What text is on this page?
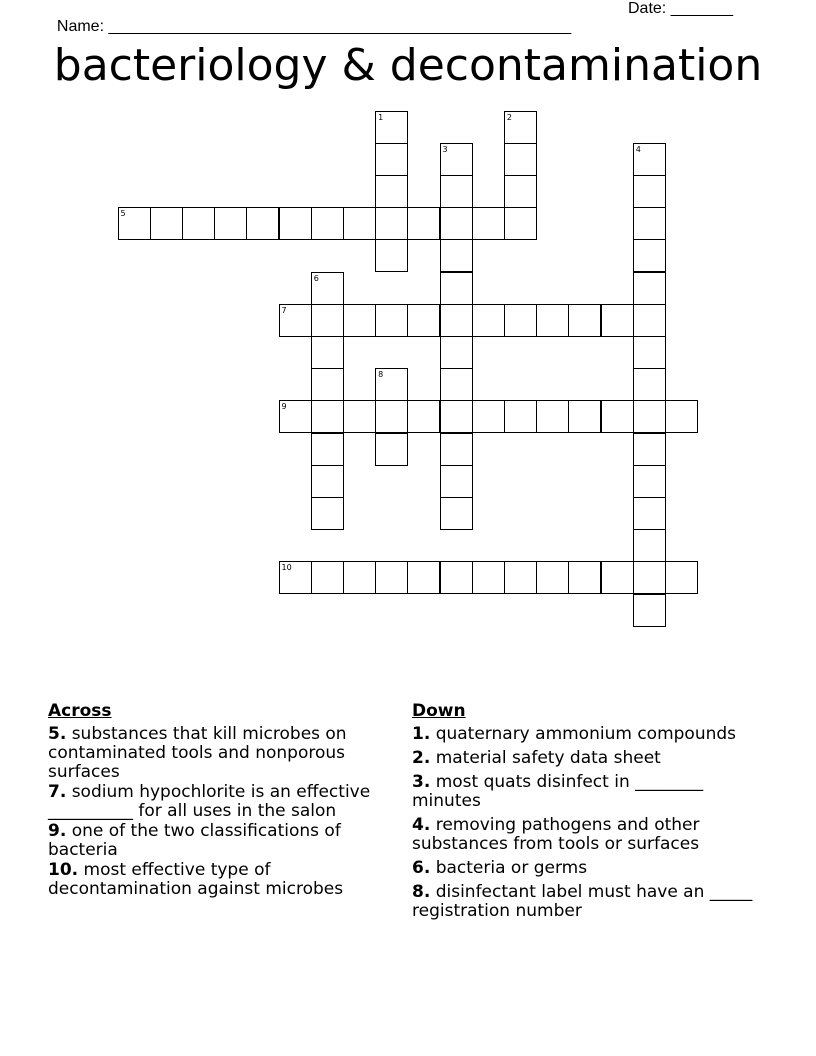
Name: ____________________________________________________

Date: _______

bacteriology & decontamination
1	2
3	4
5
6
7
8
9
10
Across
5. substances that kill microbes on contaminated tools and nonporous surfaces
7. sodium hypochlorite is an effective __________ for all uses in the salon
9. one of the two classifications of bacteria
10. most effective type of decontamination against microbes
Down
1. quaternary ammonium compounds
2. material safety data sheet
3. most quats disinfect in ________ minutes
4. removing pathogens and other substances from tools or surfaces
6. bacteria or germs
8. disinfectant label must have an _____ registration number
